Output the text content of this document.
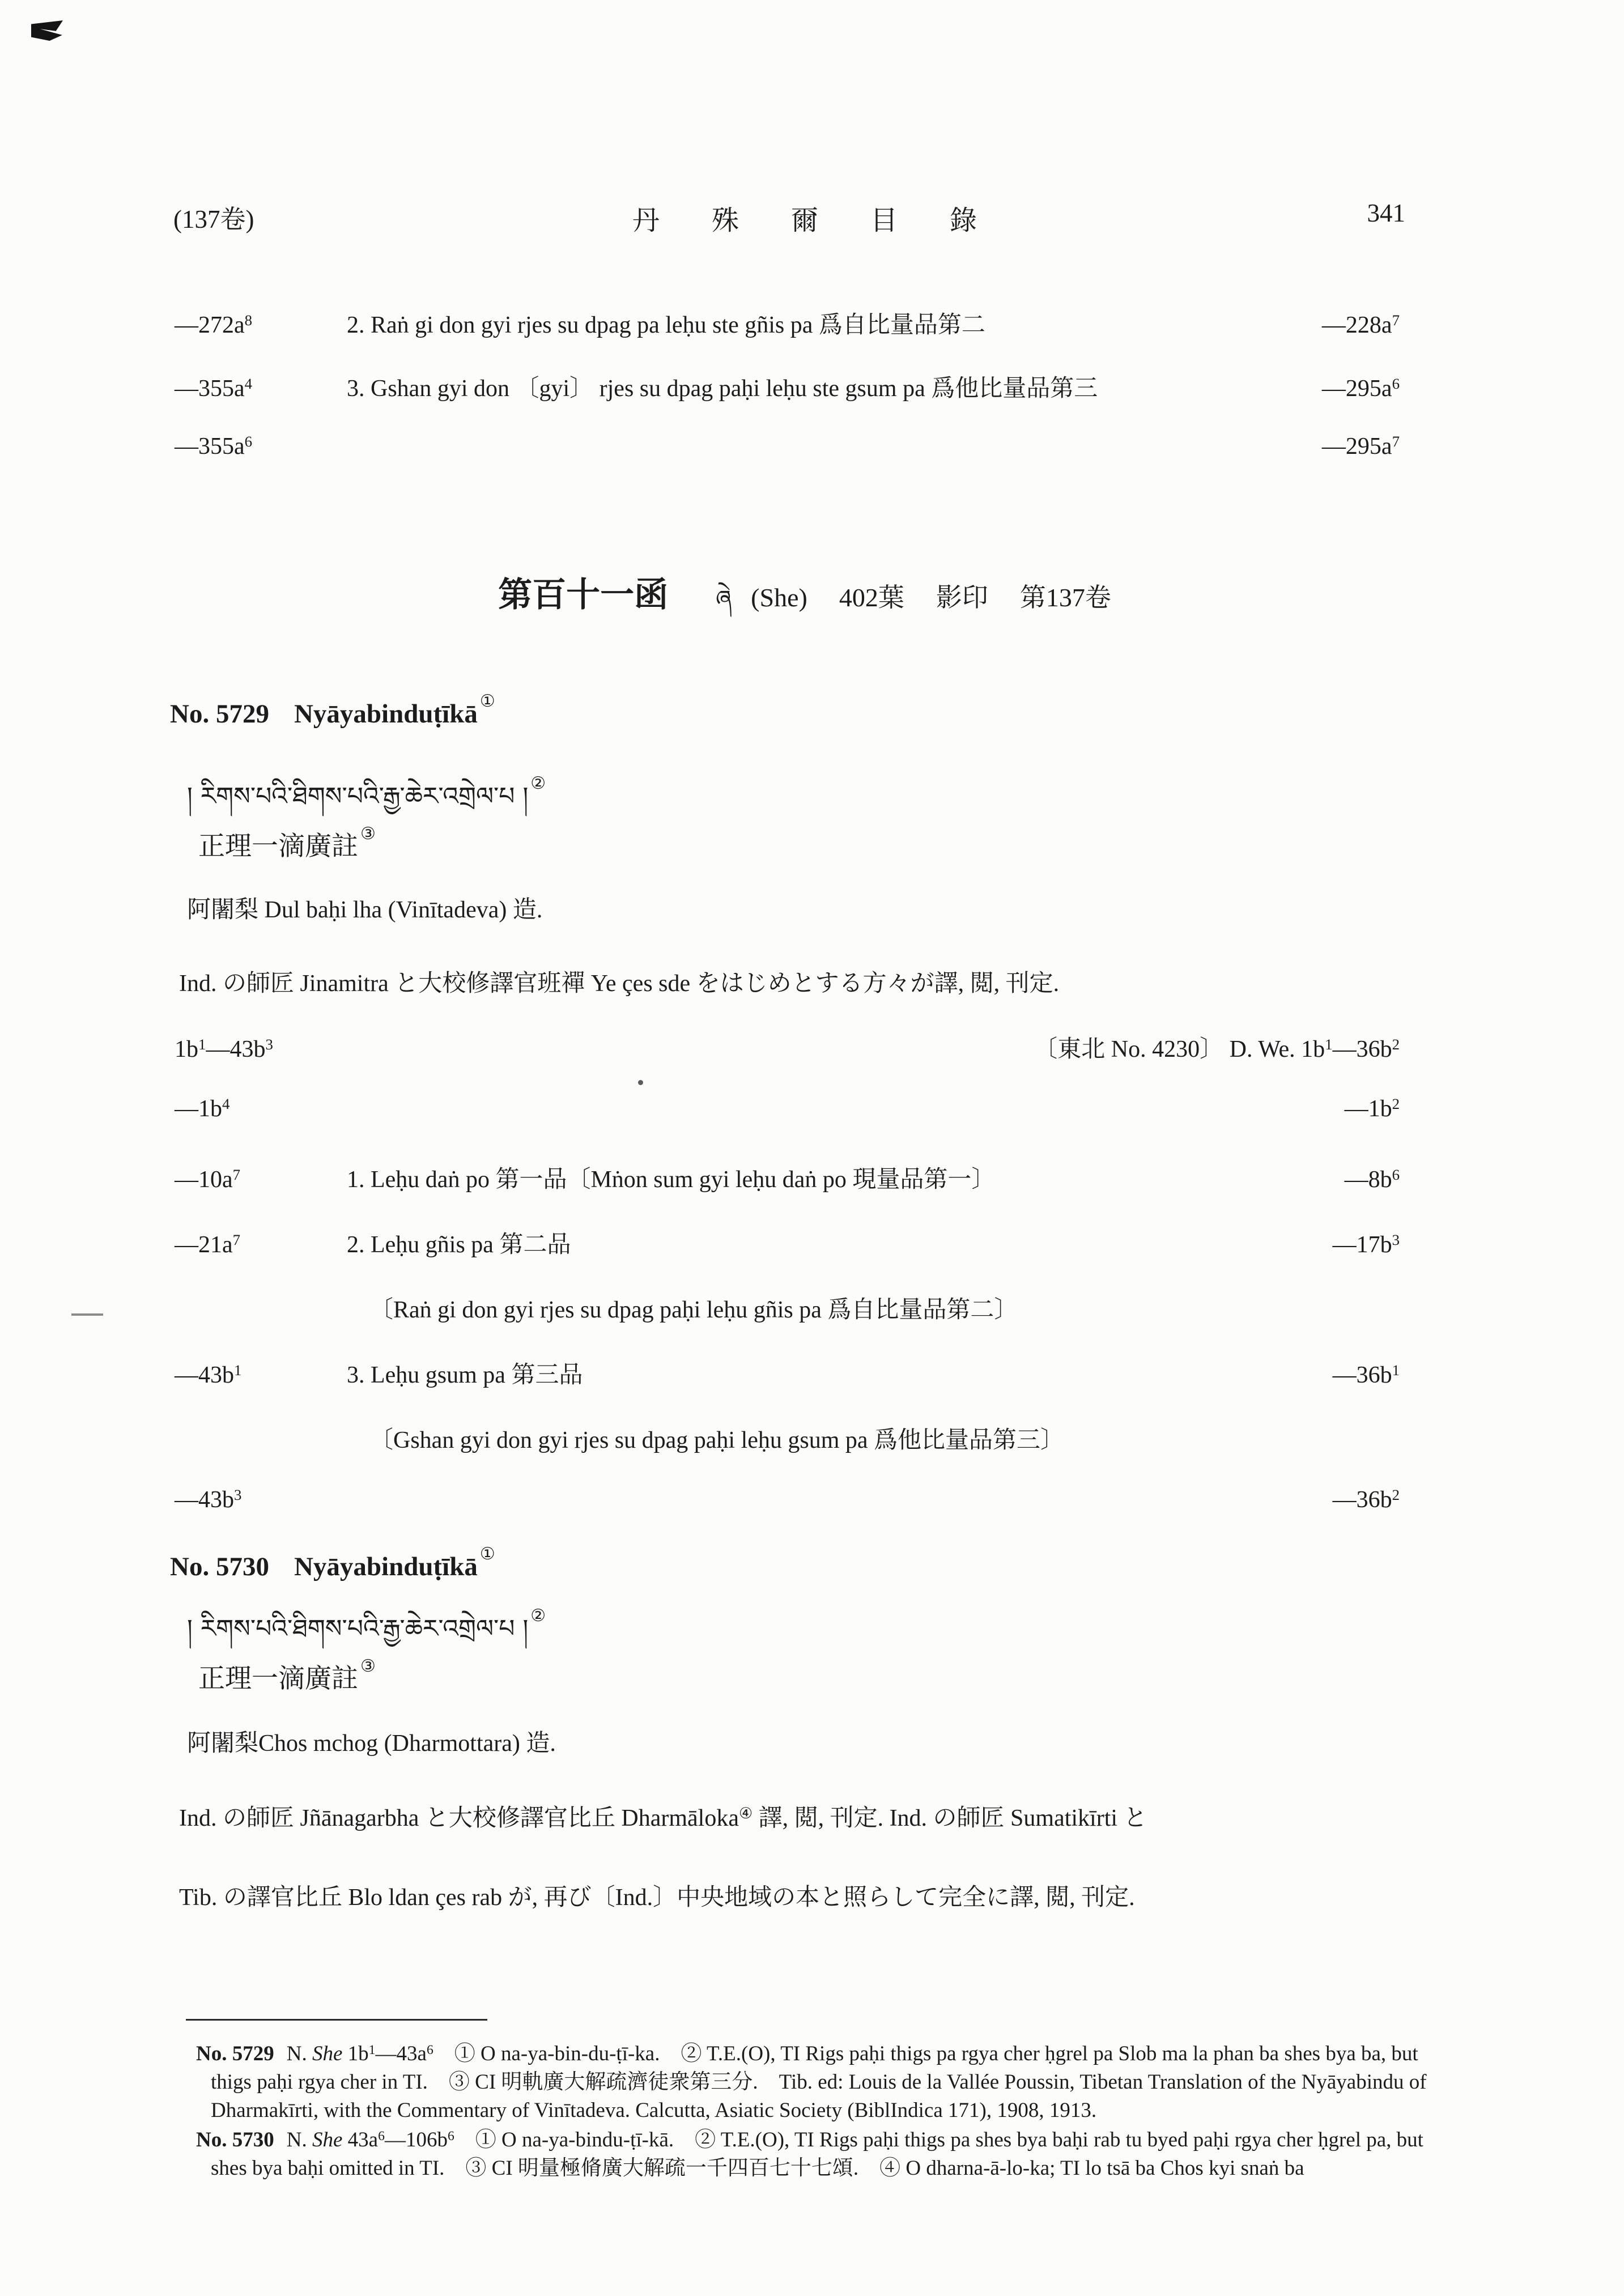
(137卷)	丹殊爾目錄	341
$—272a^8$	2. Raṅ gi don gyi rjes su dpag pa leḥu ste gñis pa 爲自比量品第二	$—228a^7$
$—355a^4$	3. Gshan gyi don 〔gyi〕 rjes su dpag paḥi leḥu ste gsum pa 爲他比量品第三	$—295a^6$
$—355a^6$	$—295a^7$
第百十一函 ཞེ (She) 402葉 影印 第137卷
No. 5729 Nyāyabinduṭīkā ①
། རིགས་པའི་ཐིགས་པའི་རྒྱ་ཆེར་འགྲེལ་པ ། ②
正理一滴廣註 ③
阿闍梨 Dul baḥi lha (Vinītadeva) 造.
Ind. の師匠 Jinamitra と大校修譯官班禪 Ye çes sde をはじめとする方々が譯, 閲, 刊定.
$1b^1—43b^3$	〔東北 No. 4230〕 D. We. $1b^1—36b^2$
$—1b^4$	$—1b^2$
$—10a^7$	1. Leḥu daṅ po 第一品〔Mṅon sum gyi leḥu daṅ po 現量品第一〕	$—8b^6$
$—21a^7$	2. Leḥu gñis pa 第二品	$—17b^3$
〔Raṅ gi don gyi rjes su dpag paḥi leḥu gñis pa 爲自比量品第二〕
$—43b^1$	3. Leḥu gsum pa 第三品	$—36b^1$
〔Gshan gyi don gyi rjes su dpag paḥi leḥu gsum pa 爲他比量品第三〕
$—43b^3$	$—36b^2$
No. 5730 Nyāyabinduṭīkā ①
། རིགས་པའི་ཐིགས་པའི་རྒྱ་ཆེར་འགྲེལ་པ ། ②
正理一滴廣註 ③
阿闍梨Chos mchog (Dharmottara) 造.
Ind. の師匠 Jñānagarbha と大校修譯官比丘 Dharmāloka④ 譯, 閲, 刊定. Ind. の師匠 Sumatikīrti と
Tib. の譯官比丘 Blo ldan çes rab が, 再び〔Ind.〕中央地域の本と照らして完全に譯, 閲, 刊定.

No. 5729 N. She $1b^1—43a^6$　① O na-ya-bin-du-ṭī-ka.　② T.E.(O), TI Rigs paḥi thigs pa rgya cher ḥgrel pa Slob ma la phan ba shes bya ba, but thigs paḥi rgya cher in TI.　③ CI 明軌廣大解疏濟徒衆第三分.　Tib. ed: Louis de la Vallée Poussin, Tibetan Translation of the Nyāyabindu of Dharmakīrti, with the Commentary of Vinītadeva. Calcutta, Asiatic Society (BiblIndica 171), 1908, 1913.

No. 5730 N. She $43a^6—106b^6$　① O na-ya-bindu-ṭī-kā.　② T.E.(O), TI Rigs paḥi thigs pa shes bya baḥi rab tu byed paḥi rgya cher ḥgrel pa, but shes bya baḥi omitted in TI.　③ CI 明量極脩廣大解疏一千四百七十七頌.　④ O dharna-ā-lo-ka; TI lo tsā ba Chos kyi snaṅ ba
